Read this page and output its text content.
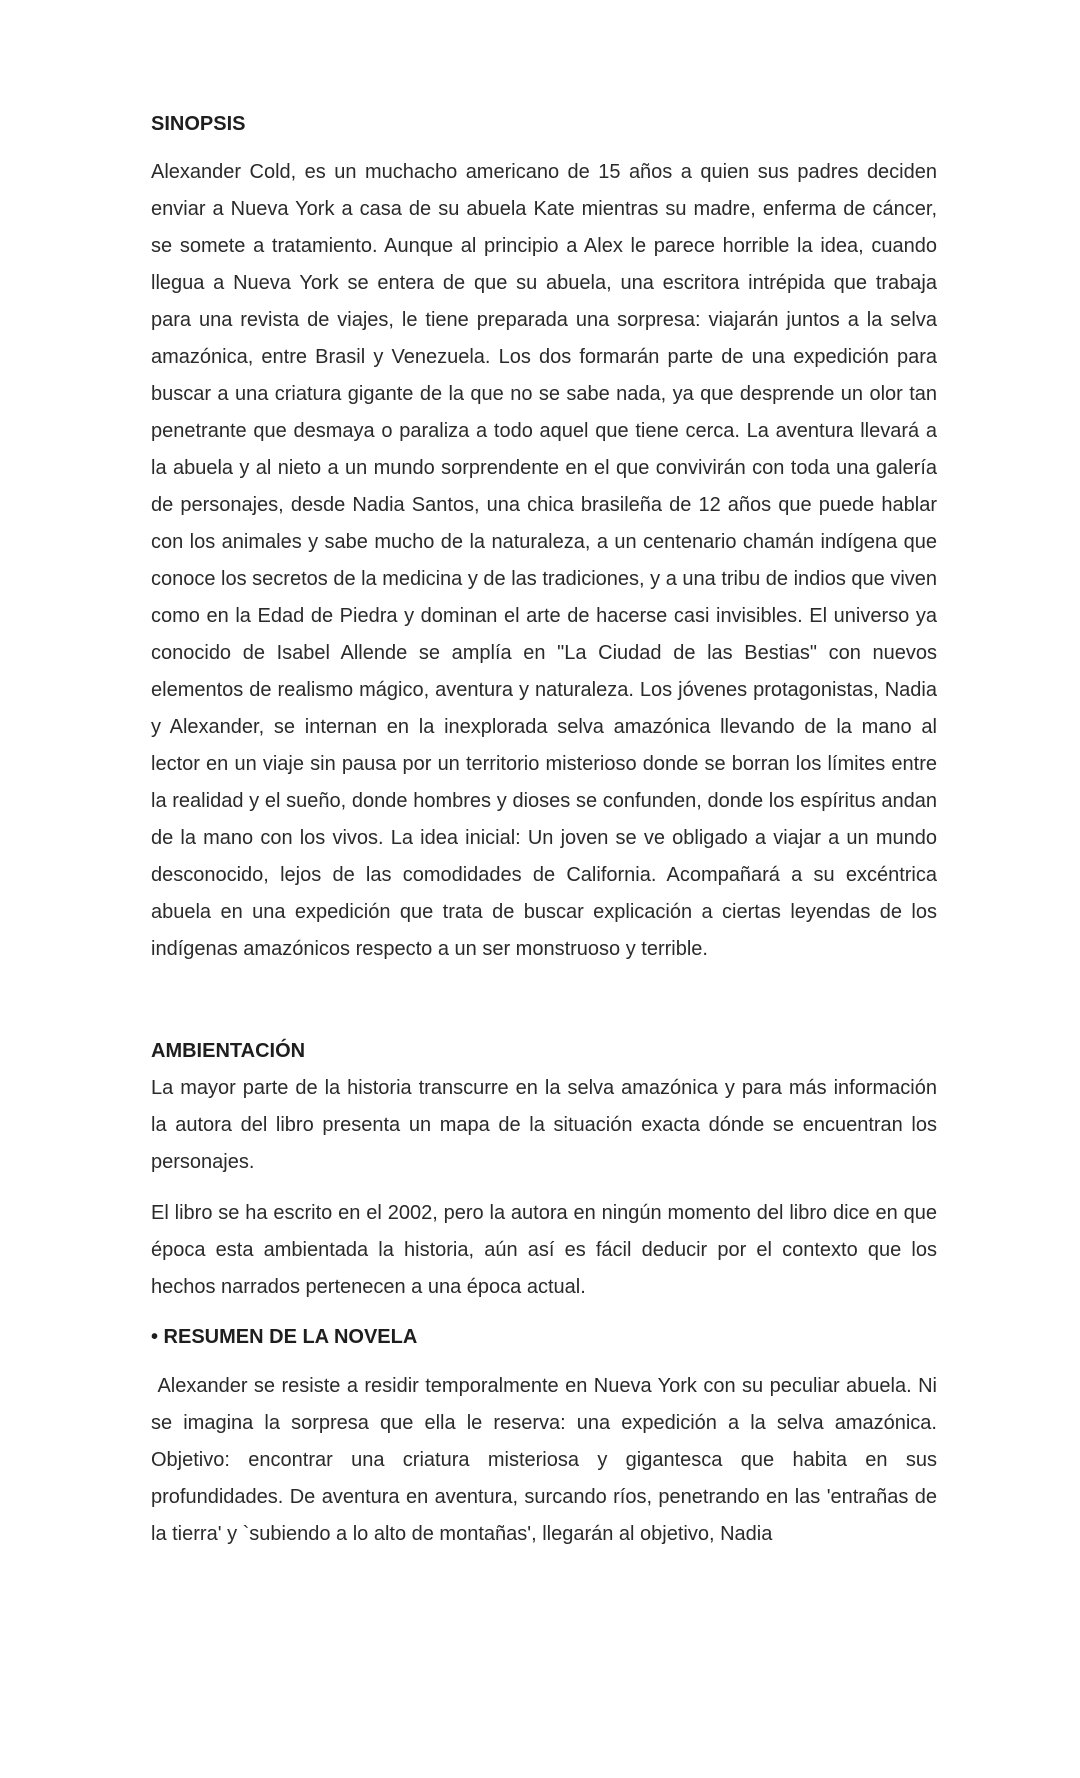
SINOPSIS

Alexander Cold, es un muchacho americano de 15 años a quien sus padres deciden enviar a Nueva York a casa de su abuela Kate mientras su madre, enferma de cáncer, se somete a tratamiento. Aunque al principio a Alex le parece horrible la idea, cuando llegua a Nueva York se entera de que su abuela, una escritora intrépida que trabaja para una revista de viajes, le tiene preparada una sorpresa: viajarán juntos a la selva amazónica, entre Brasil y Venezuela. Los dos formarán parte de una expedición para buscar a una criatura gigante de la que no se sabe nada, ya que desprende un olor tan penetrante que desmaya o paraliza a todo aquel que tiene cerca. La aventura llevará a la abuela y al nieto a un mundo sorprendente en el que convivirán con toda una galería de personajes, desde Nadia Santos, una chica brasileña de 12 años que puede hablar con los animales y sabe mucho de la naturaleza, a un centenario chamán indígena que conoce los secretos de la medicina y de las tradiciones, y a una tribu de indios que viven como en la Edad de Piedra y dominan el arte de hacerse casi invisibles. El universo ya conocido de Isabel Allende se amplía en "La Ciudad de las Bestias" con nuevos elementos de realismo mágico, aventura y naturaleza. Los jóvenes protagonistas, Nadia y Alexander, se internan en la inexplorada selva amazónica llevando de la mano al lector en un viaje sin pausa por un territorio misterioso donde se borran los límites entre la realidad y el sueño, donde hombres y dioses se confunden, donde los espíritus andan de la mano con los vivos. La idea inicial: Un joven se ve obligado a viajar a un mundo desconocido, lejos de las comodidades de California. Acompañará a su excéntrica abuela en una expedición que trata de buscar explicación a ciertas leyendas de los indígenas amazónicos respecto a un ser monstruoso y terrible.

AMBIENTACIÓN

La mayor parte de la historia transcurre en la selva amazónica y para más información la autora del libro presenta un mapa de la situación exacta dónde se encuentran los personajes.

El libro se ha escrito en el 2002, pero la autora en ningún momento del libro dice en que época esta ambientada la historia, aún así es fácil deducir por el contexto que los hechos narrados pertenecen a una época actual.

• RESUMEN DE LA NOVELA

Alexander se resiste a residir temporalmente en Nueva York con su peculiar abuela. Ni se imagina la sorpresa que ella le reserva: una expedición a la selva amazónica. Objetivo: encontrar una criatura misteriosa y gigantesca que habita en sus profundidades. De aventura en aventura, surcando ríos, penetrando en las 'entrañas de la tierra' y `subiendo a lo alto de montañas', llegarán al objetivo, Nadia
